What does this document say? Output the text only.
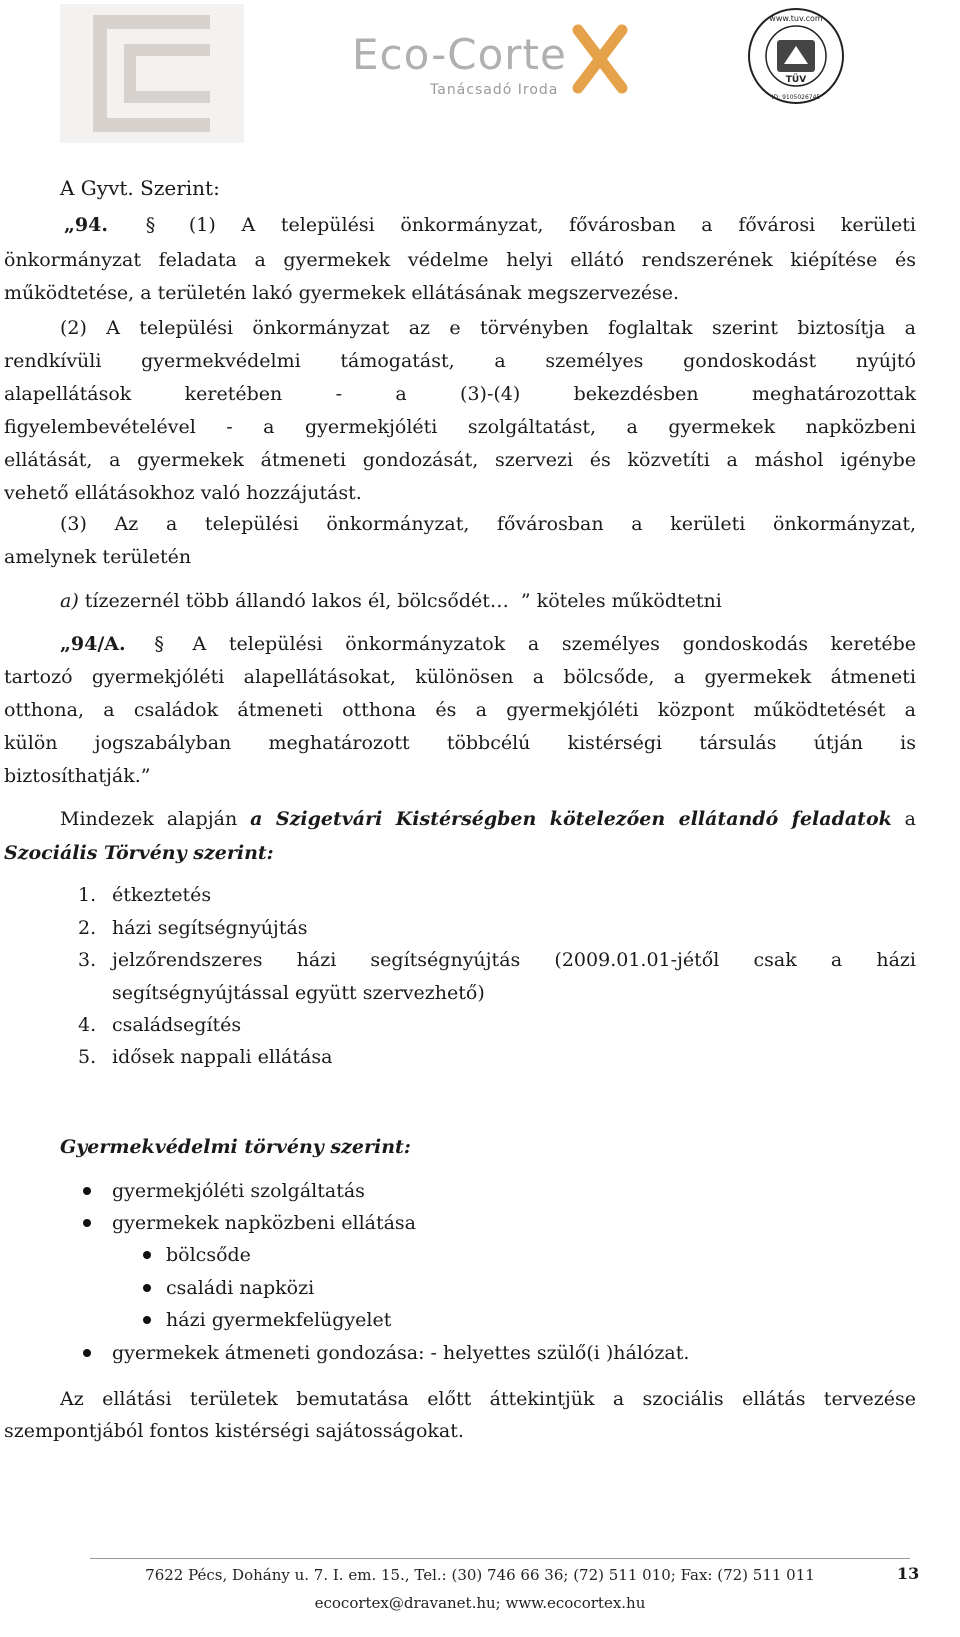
Eco-Corte
Tanácsadó Iroda
TÜV
www.tuv.com
ID: 9105026745
A Gyvt. Szerint:
„94. § (1) A települési önkormányzat, fővárosban a fővárosi kerületi
önkormányzat feladata a gyermekek védelme helyi ellátó rendszerének kiépítése és
működtetése, a területén lakó gyermekek ellátásának megszervezése.
(2) A települési önkormányzat az e törvényben foglaltak szerint biztosítja a
rendkívüli gyermekvédelmi támogatást, a személyes gondoskodást nyújtó
alapellátások keretében - a (3)-(4) bekezdésben meghatározottak
figyelembevételével - a gyermekjóléti szolgáltatást, a gyermekek napközbeni
ellátását, a gyermekek átmeneti gondozását, szervezi és közvetíti a máshol igénybe
vehető ellátásokhoz való hozzájutást.
(3) Az a települési önkormányzat, fővárosban a kerületi önkormányzat,
amelynek területén
a) tízezernél több állandó lakos él, bölcsődét… ” köteles működtetni
„94/A. § A települési önkormányzatok a személyes gondoskodás keretébe
tartozó gyermekjóléti alapellátásokat, különösen a bölcsőde, a gyermekek átmeneti
otthona, a családok átmeneti otthona és a gyermekjóléti központ működtetését a
külön jogszabályban meghatározott többcélú kistérségi társulás útján is
biztosíthatják.”
Mindezek alapján a Szigetvári Kistérségben kötelezően ellátandó feladatok a
Szociális Törvény szerint:
1. étkeztetés
2. házi segítségnyújtás
3. jelzőrendszeres házi segítségnyújtás (2009.01.01-jétől csak a házi
segítségnyújtással együtt szervezhető)
4. családsegítés
5. idősek nappali ellátása
Gyermekvédelmi törvény szerint:
gyermekjóléti szolgáltatás
gyermekek napközbeni ellátása
bölcsőde
családi napközi
házi gyermekfelügyelet
gyermekek átmeneti gondozása: - helyettes szülő(i )hálózat.
Az ellátási területek bemutatása előtt áttekintjük a szociális ellátás tervezése
szempontjából fontos kistérségi sajátosságokat.
13
7622 Pécs, Dohány u. 7. I. em. 15., Tel.: (30) 746 66 36; (72) 511 010; Fax: (72) 511 011
ecocortex@dravanet.hu; www.ecocortex.hu
